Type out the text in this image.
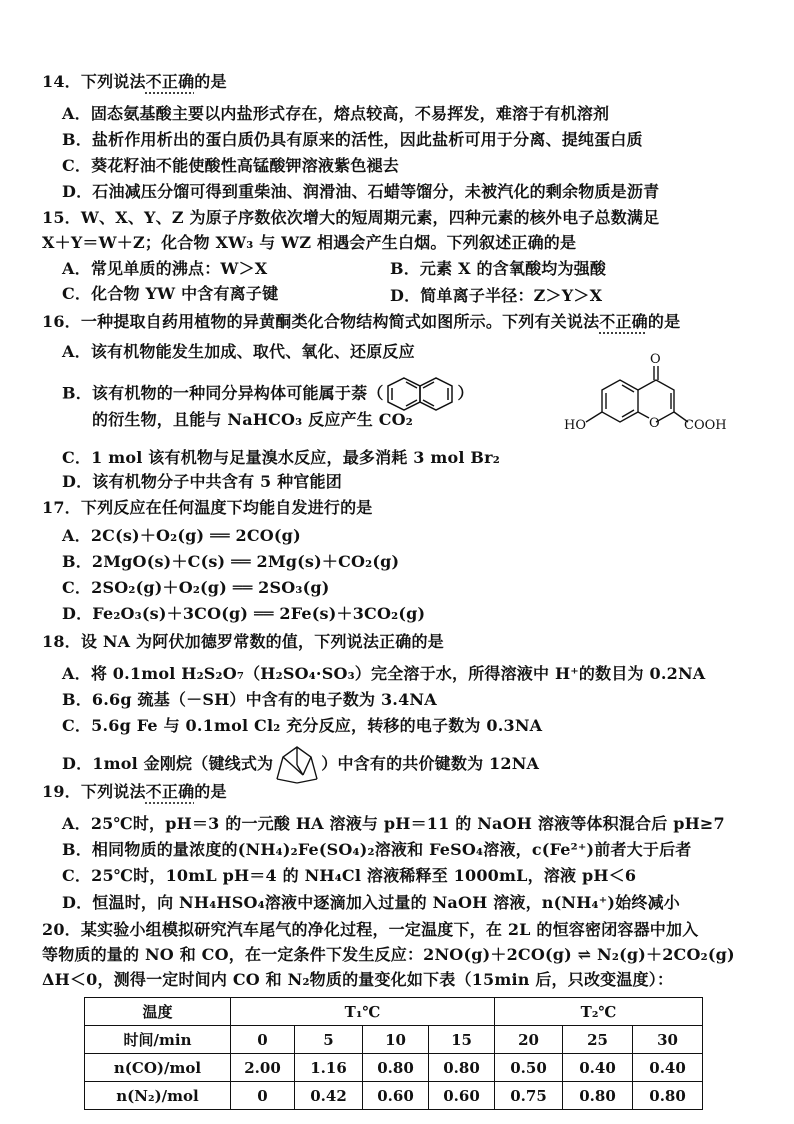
14．下列说法不正确的是
A．固态氨基酸主要以内盐形式存在，熔点较高，不易挥发，难溶于有机溶剂
B．盐析作用析出的蛋白质仍具有原来的活性，因此盐析可用于分离、提纯蛋白质
C．葵花籽油不能使酸性高锰酸钾溶液紫色褪去
D．石油减压分馏可得到重柴油、润滑油、石蜡等馏分，未被汽化的剩余物质是沥青
15．W、X、Y、Z 为原子序数依次增大的短周期元素，四种元素的核外电子总数满足
X＋Y＝W＋Z；化合物 XW₃ 与 WZ 相遇会产生白烟。下列叙述正确的是
A．常见单质的沸点：W＞X	B．元素 X 的含氧酸均为强酸
C．化合物 YW 中含有离子键	D．简单离子半径：Z＞Y＞X
16．一种提取自药用植物的异黄酮类化合物结构简式如图所示。下列有关说法不正确的是
A．该有机物能发生加成、取代、氧化、还原反应
B．该有机物的一种同分异构体可能属于萘（	）
的衍生物，且能与 NaHCO₃ 反应产生 CO₂
O
HO	O COOH
C．1 mol 该有机物与足量溴水反应，最多消耗 3 mol Br₂
D．该有机物分子中共含有 5 种官能团
17．下列反应在任何温度下均能自发进行的是
A．2C(s)＋O₂(g) ══ 2CO(g)
B．2MgO(s)＋C(s) ══ 2Mg(s)＋CO₂(g)
C．2SO₂(g)＋O₂(g) ══ 2SO₃(g)
D．Fe₂O₃(s)＋3CO(g) ══ 2Fe(s)＋3CO₂(g)
18．设 NA 为阿伏加德罗常数的值，下列说法正确的是
A．将 0.1mol H₂S₂O₇（H₂SO₄·SO₃）完全溶于水，所得溶液中 H⁺的数目为 0.2NA
B．6.6g 巯基（－SH）中含有的电子数为 3.4NA
C．5.6g Fe 与 0.1mol Cl₂ 充分反应，转移的电子数为 0.3NA
D．1mol 金刚烷（键线式为	）中含有的共价键数为 12NA
19．下列说法不正确的是
A．25℃时，pH＝3 的一元酸 HA 溶液与 pH＝11 的 NaOH 溶液等体积混合后 pH≥7
B．相同物质的量浓度的(NH₄)₂Fe(SO₄)₂溶液和 FeSO₄溶液，c(Fe²⁺)前者大于后者
C．25℃时，10mL pH＝4 的 NH₄Cl 溶液稀释至 1000mL，溶液 pH＜6
D．恒温时，向 NH₄HSO₄溶液中逐滴加入过量的 NaOH 溶液，n(NH₄⁺)始终减小
20．某实验小组模拟研究汽车尾气的净化过程，一定温度下，在 2L 的恒容密闭容器中加入
等物质的量的 NO 和 CO，在一定条件下发生反应：2NO(g)＋2CO(g) ⇌ N₂(g)＋2CO₂(g)
ΔH＜0，测得一定时间内 CO 和 N₂物质的量变化如下表（15min 后，只改变温度）：
温度	T₁℃				T₂℃		
时间/min	0	5	10	15	20	25	30
n(CO)/mol	2.00	1.16	0.80	0.80	0.50	0.40	0.40
n(N₂)/mol	0	0.42	0.60	0.60	0.75	0.80	0.80
